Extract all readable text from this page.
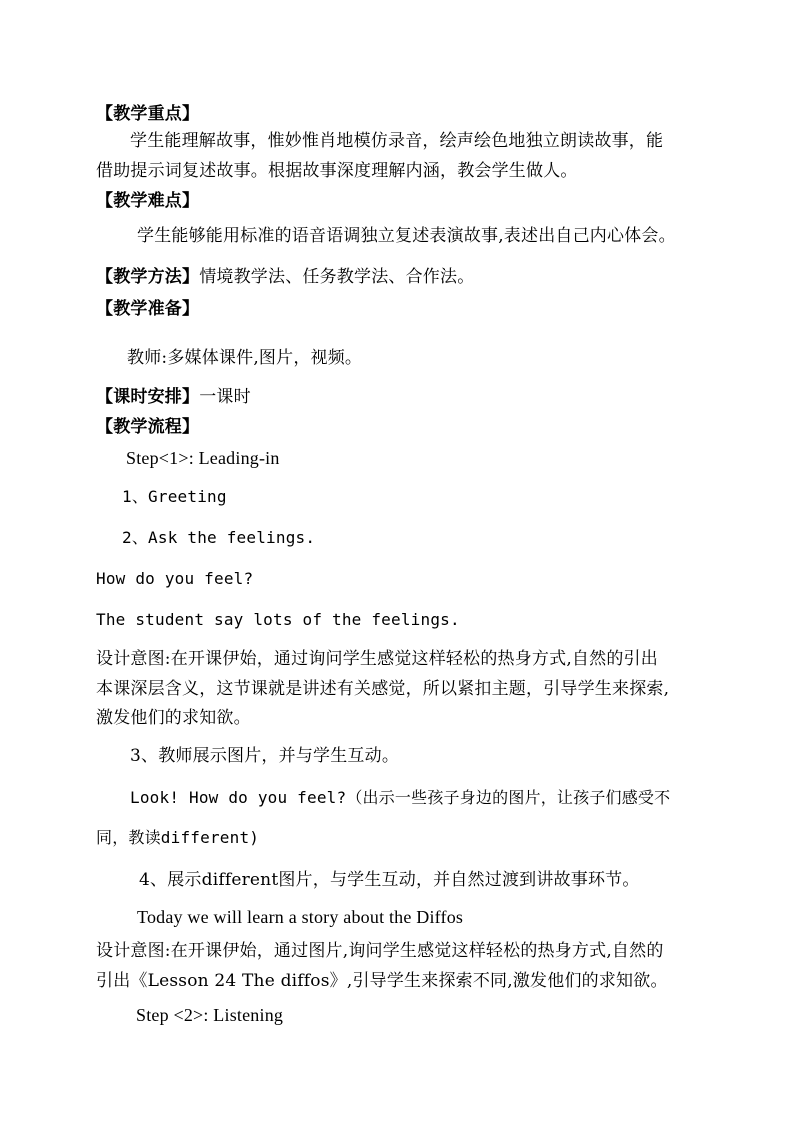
【教学重点】
学生能理解故事，惟妙惟肖地模仿录音，绘声绘色地独立朗读故事，能
借助提示词复述故事。根据故事深度理解内涵，教会学生做人。
【教学难点】
学生能够能用标准的语音语调独立复述表演故事,表述出自己内心体会。
【教学方法】情境教学法、任务教学法、合作法。
【教学准备】
教师:多媒体课件,图片，视频。
【课时安排】一课时
【教学流程】
Step<1>: Leading-in
1、Greeting
2、Ask the feelings.
How do you feel?
The student say lots of the feelings.
设计意图:在开课伊始，通过询问学生感觉这样轻松的热身方式,自然的引出
本课深层含义，这节课就是讲述有关感觉，所以紧扣主题，引导学生来探索,
激发他们的求知欲。
3、教师展示图片，并与学生互动。
Look! How do you feel?（出示一些孩子身边的图片，让孩子们感受不
同，教读different)
4、展示different图片，与学生互动，并自然过渡到讲故事环节。
Today we will learn a story about the Diffos
设计意图:在开课伊始，通过图片,询问学生感觉这样轻松的热身方式,自然的
引出《Lesson 24 The diffos》,引导学生来探索不同,激发他们的求知欲。
Step <2>: Listening
